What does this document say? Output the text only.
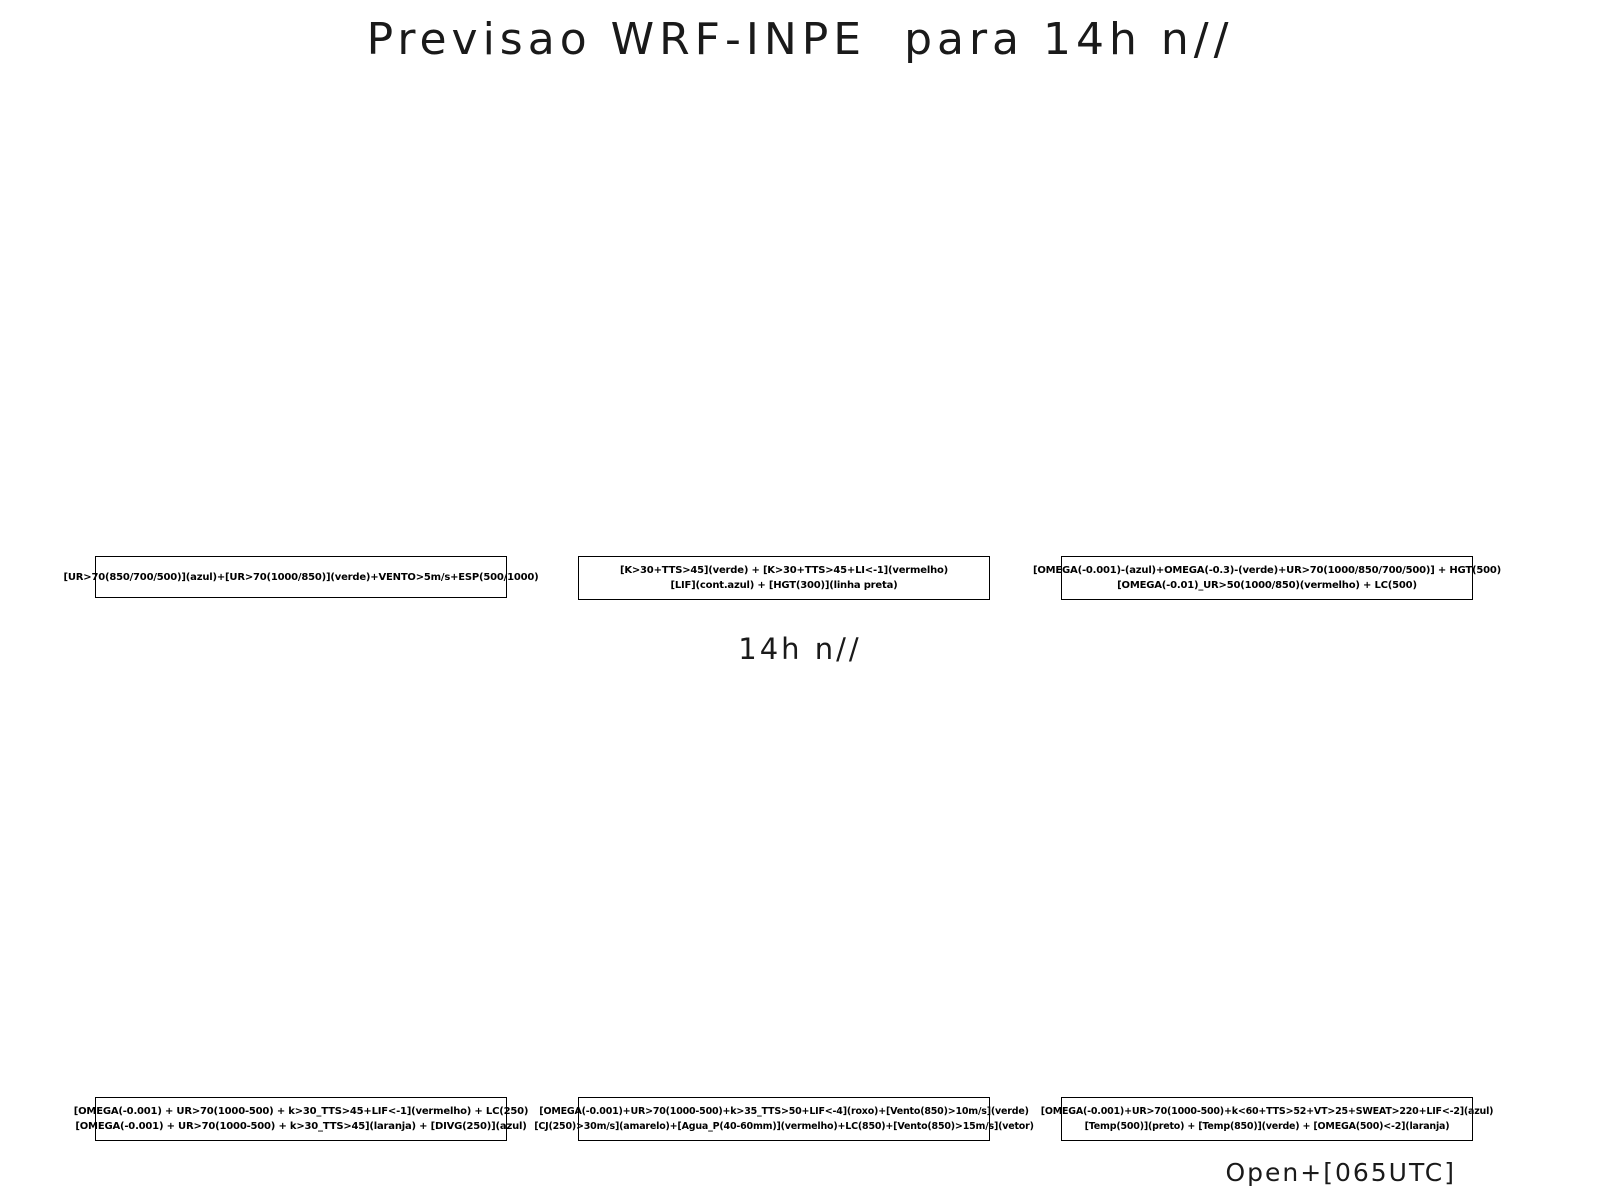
Previsao WRF-INPE  para 14h n//
14h n//
[UR>70(850/700/500)](azul)+[UR>70(1000/850)](verde)+VENTO>5m/s+ESP(500/1000)
[K>30+TTS>45](verde) + [K>30+TTS>45+LI<-1](vermelho)
[LIF](cont.azul) + [HGT(300)](linha preta)
[OMEGA(-0.001)-(azul)+OMEGA(-0.3)-(verde)+UR>70(1000/850/700/500)] + HGT(500)
[OMEGA(-0.01)_UR>50(1000/850)(vermelho) + LC(500)
[OMEGA(-0.001) + UR>70(1000-500) + k>30_TTS>45+LIF<-1](vermelho) + LC(250)
[OMEGA(-0.001) + UR>70(1000-500) + k>30_TTS>45](laranja) + [DIVG(250)](azul)
[OMEGA(-0.001)+UR>70(1000-500)+k>35_TTS>50+LIF<-4](roxo)+[Vento(850)>10m/s](verde)
[CJ(250)>30m/s](amarelo)+[Agua_P(40-60mm)](vermelho)+LC(850)+[Vento(850)>15m/s](vetor)
[OMEGA(-0.001)+UR>70(1000-500)+k<60+TTS>52+VT>25+SWEAT>220+LIF<-2](azul)
[Temp(500)](preto) + [Temp(850)](verde) + [OMEGA(500)<-2](laranja)
Open+[065UTC]
